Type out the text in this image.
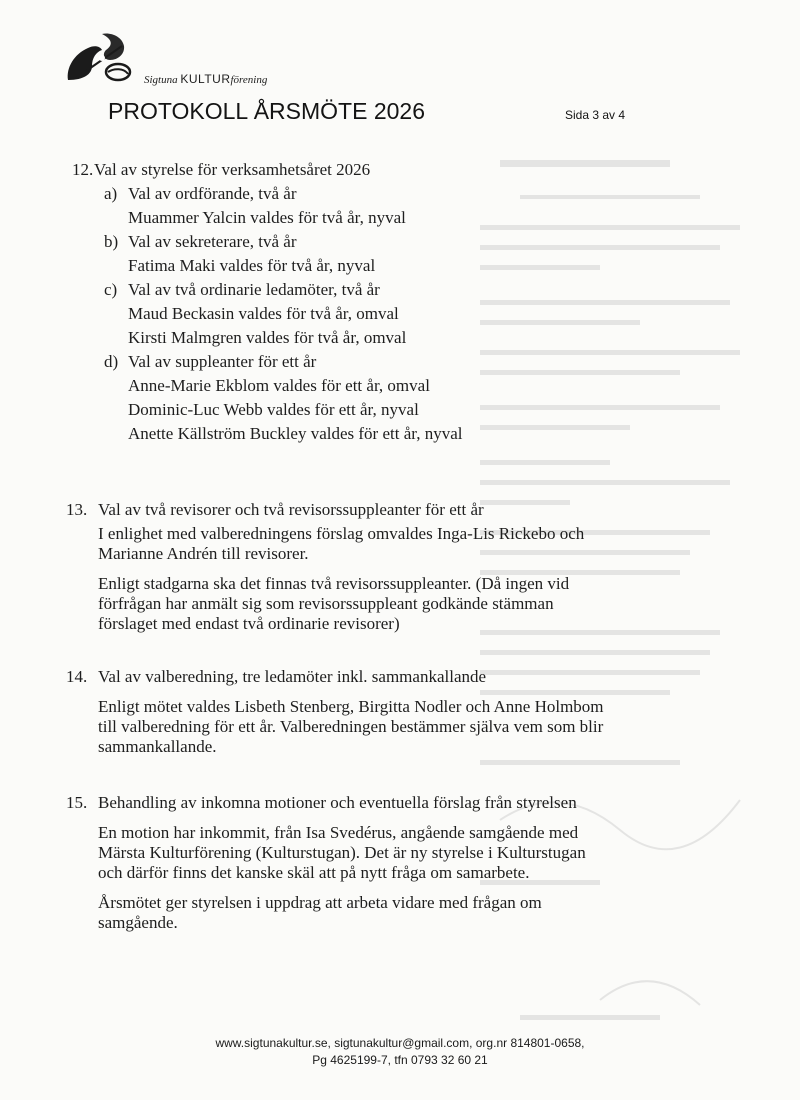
Sigtuna KULTURförening
PROTOKOLL ÅRSMÖTE 2026	Sida 3 av 4
12. Val av styrelse för verksamhetsåret 2026
a) Val av ordförande, två år
Muammer Yalcin valdes för två år, nyval
b) Val av sekreterare, två år
Fatima Maki valdes för två år, nyval
c) Val av två ordinarie ledamöter, två år
Maud Beckasin valdes för två år, omval
Kirsti Malmgren valdes för två år, omval
d) Val av suppleanter för ett år
Anne-Marie Ekblom valdes för ett år, omval
Dominic-Luc Webb valdes för ett år, nyval
Anette Källström Buckley valdes för ett år, nyval
13. Val av två revisorer och två revisorssuppleanter för ett år

I enlighet med valberedningens förslag omvaldes Inga-Lis Rickebo och Marianne Andrén till revisorer.

Enligt stadgarna ska det finnas två revisorssuppleanter. (Då ingen vid förfrågan har anmält sig som revisorssuppleant godkände stämman förslaget med endast två ordinarie revisorer)

14. Val av valberedning, tre ledamöter inkl. sammankallande

Enligt mötet valdes Lisbeth Stenberg, Birgitta Nodler och Anne Holmbom till valberedning för ett år. Valberedningen bestämmer själva vem som blir sammankallande.

15. Behandling av inkomna motioner och eventuella förslag från styrelsen

En motion har inkommit, från Isa Svedérus, angående samgående med Märsta Kulturförening (Kulturstugan). Det är ny styrelse i Kulturstugan och därför finns det kanske skäl att på nytt fråga om samarbete.

Årsmötet ger styrelsen i uppdrag att arbeta vidare med frågan om samgående.

www.sigtunakultur.se, sigtunakultur@gmail.com, org.nr 814801-0658,
Pg 4625199-7, tfn 0793 32 60 21
